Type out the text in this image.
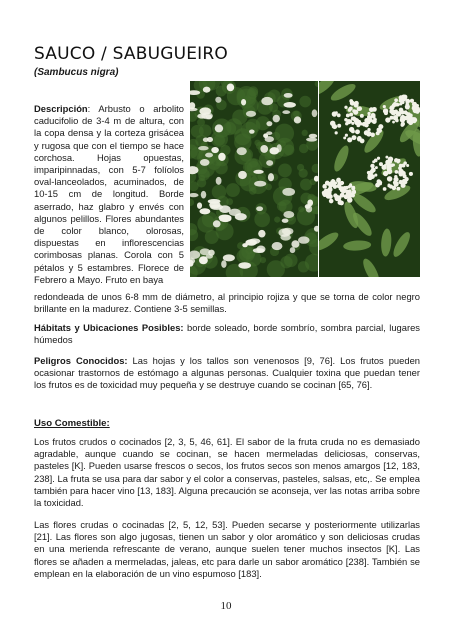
SAUCO / SABUGUEIRO
(Sambucus nigra)

Descripción: Arbusto o arbolito caducifolio de 3-4 m de altura, con la copa densa y la corteza grisácea y rugosa que con el tiempo se hace corchosa. Hojas opuestas, imparipinnadas, con 5-7 folíolos oval-lanceolados, acuminados, de 10-15 cm de longitud. Borde aserrado, haz glabro y envés con algunos pelillos. Flores abundantes de color blanco, olorosas, dispuestas en inflorescencias corimbosas planas. Corola con 5 pétalos y 5 estambres. Florece de Febrero a Mayo. Fruto en baya

redondeada de unos 6-8 mm de diámetro, al principio rojiza y que se torna de color negro brillante en la madurez. Contiene 3-5 semillas.

Hábitats y Ubicaciones Posibles: borde soleado, borde sombrío, sombra parcial, lugares húmedos

Peligros Conocidos: Las hojas y los tallos son venenosos [9, 76]. Los frutos pueden ocasionar trastornos de estómago a algunas personas. Cualquier toxina que puedan tener los frutos es de toxicidad muy pequeña y se destruye cuando se cocinan [65, 76].

Uso Comestible:

Los frutos crudos o cocinados [2, 3, 5, 46, 61]. El sabor de la fruta cruda no es demasiado agradable, aunque cuando se cocinan, se hacen mermeladas deliciosas, conservas, pasteles [K]. Pueden usarse frescos o secos, los frutos secos son menos amargos [12, 183, 238]. La fruta se usa para dar sabor y el color a conservas, pasteles, salsas, etc,. Se emplea también para hacer vino [13, 183]. Alguna precaución se aconseja, ver las notas arriba sobre la toxicidad.

Las flores crudas o cocinadas [2, 5, 12, 53]. Pueden secarse y posteriormente utilizarlas [21]. Las flores son algo jugosas, tienen un sabor y olor aromático y son deliciosas crudas en una merienda refrescante de verano, aunque suelen tener muchos insectos [K]. Las flores se añaden a mermeladas, jaleas, etc para darle un sabor aromático [238]. También se emplean en la elaboración de un vino espumoso [183].

10
